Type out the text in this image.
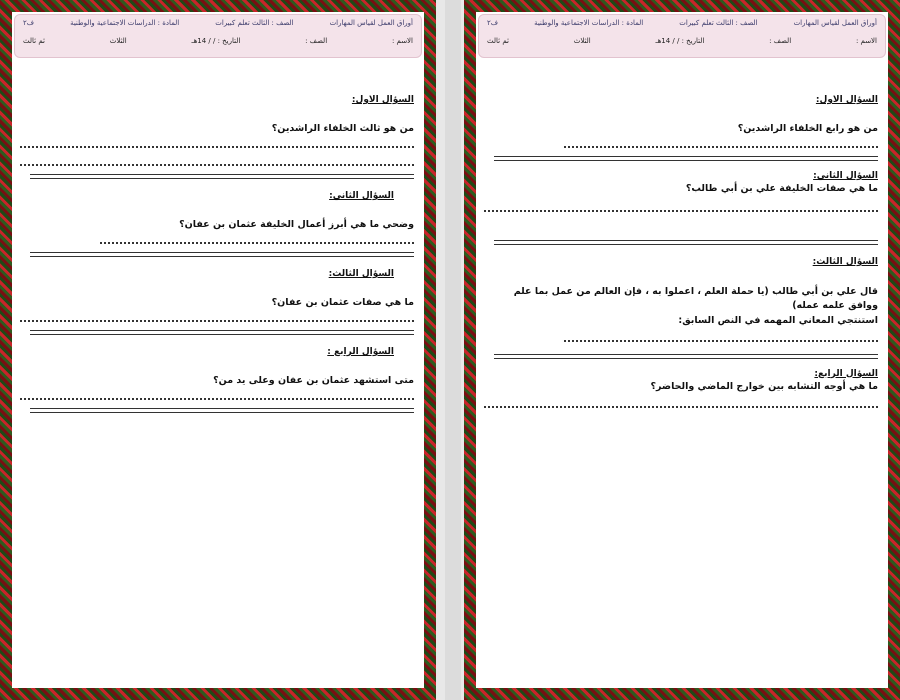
أوراق العمل لقياس المهارات
الصف : الثالث تعلم كبيرات
المادة : الدراسات الاجتماعية والوطنية
ف٢
الاسم :
الصف :
التاريخ : / / 14هـ
الثلاث
ثم ثالث
السؤال الاول:
من هو ثالث الخلفاء الراشدين؟
السؤال الثاني:
وضحي ما هي أبرز أعمال الخليفة عثمان بن عفان؟
السؤال الثالث:
ما هي صفات عثمان بن عفان؟
السؤال الرابع :
متى استشهد عثمان بن عفان وعلى يد من؟
أوراق العمل لقياس المهارات
الصف : الثالث تعلم كبيرات
المادة : الدراسات الاجتماعية والوطنية
ف٢
الاسم :
الصف :
التاريخ : / / 14هـ
الثلاث
ثم ثالث
السؤال الاول:
من هو رابع الخلفاء الراشدين؟
السؤال الثاني:
ما هي صفات الخليفة علي بن أبي طالب؟
السؤال الثالث:
قال علي بن أبي طالب (يا حملة العلم ، اعملوا به ، فإن العالم من عمل بما علم ووافق علمه عمله)
استنتجي المعاني المهمه في النص السابق:
السؤال الرابع:
ما هي أوجه التشابه بين خوارج الماضي والحاضر؟
